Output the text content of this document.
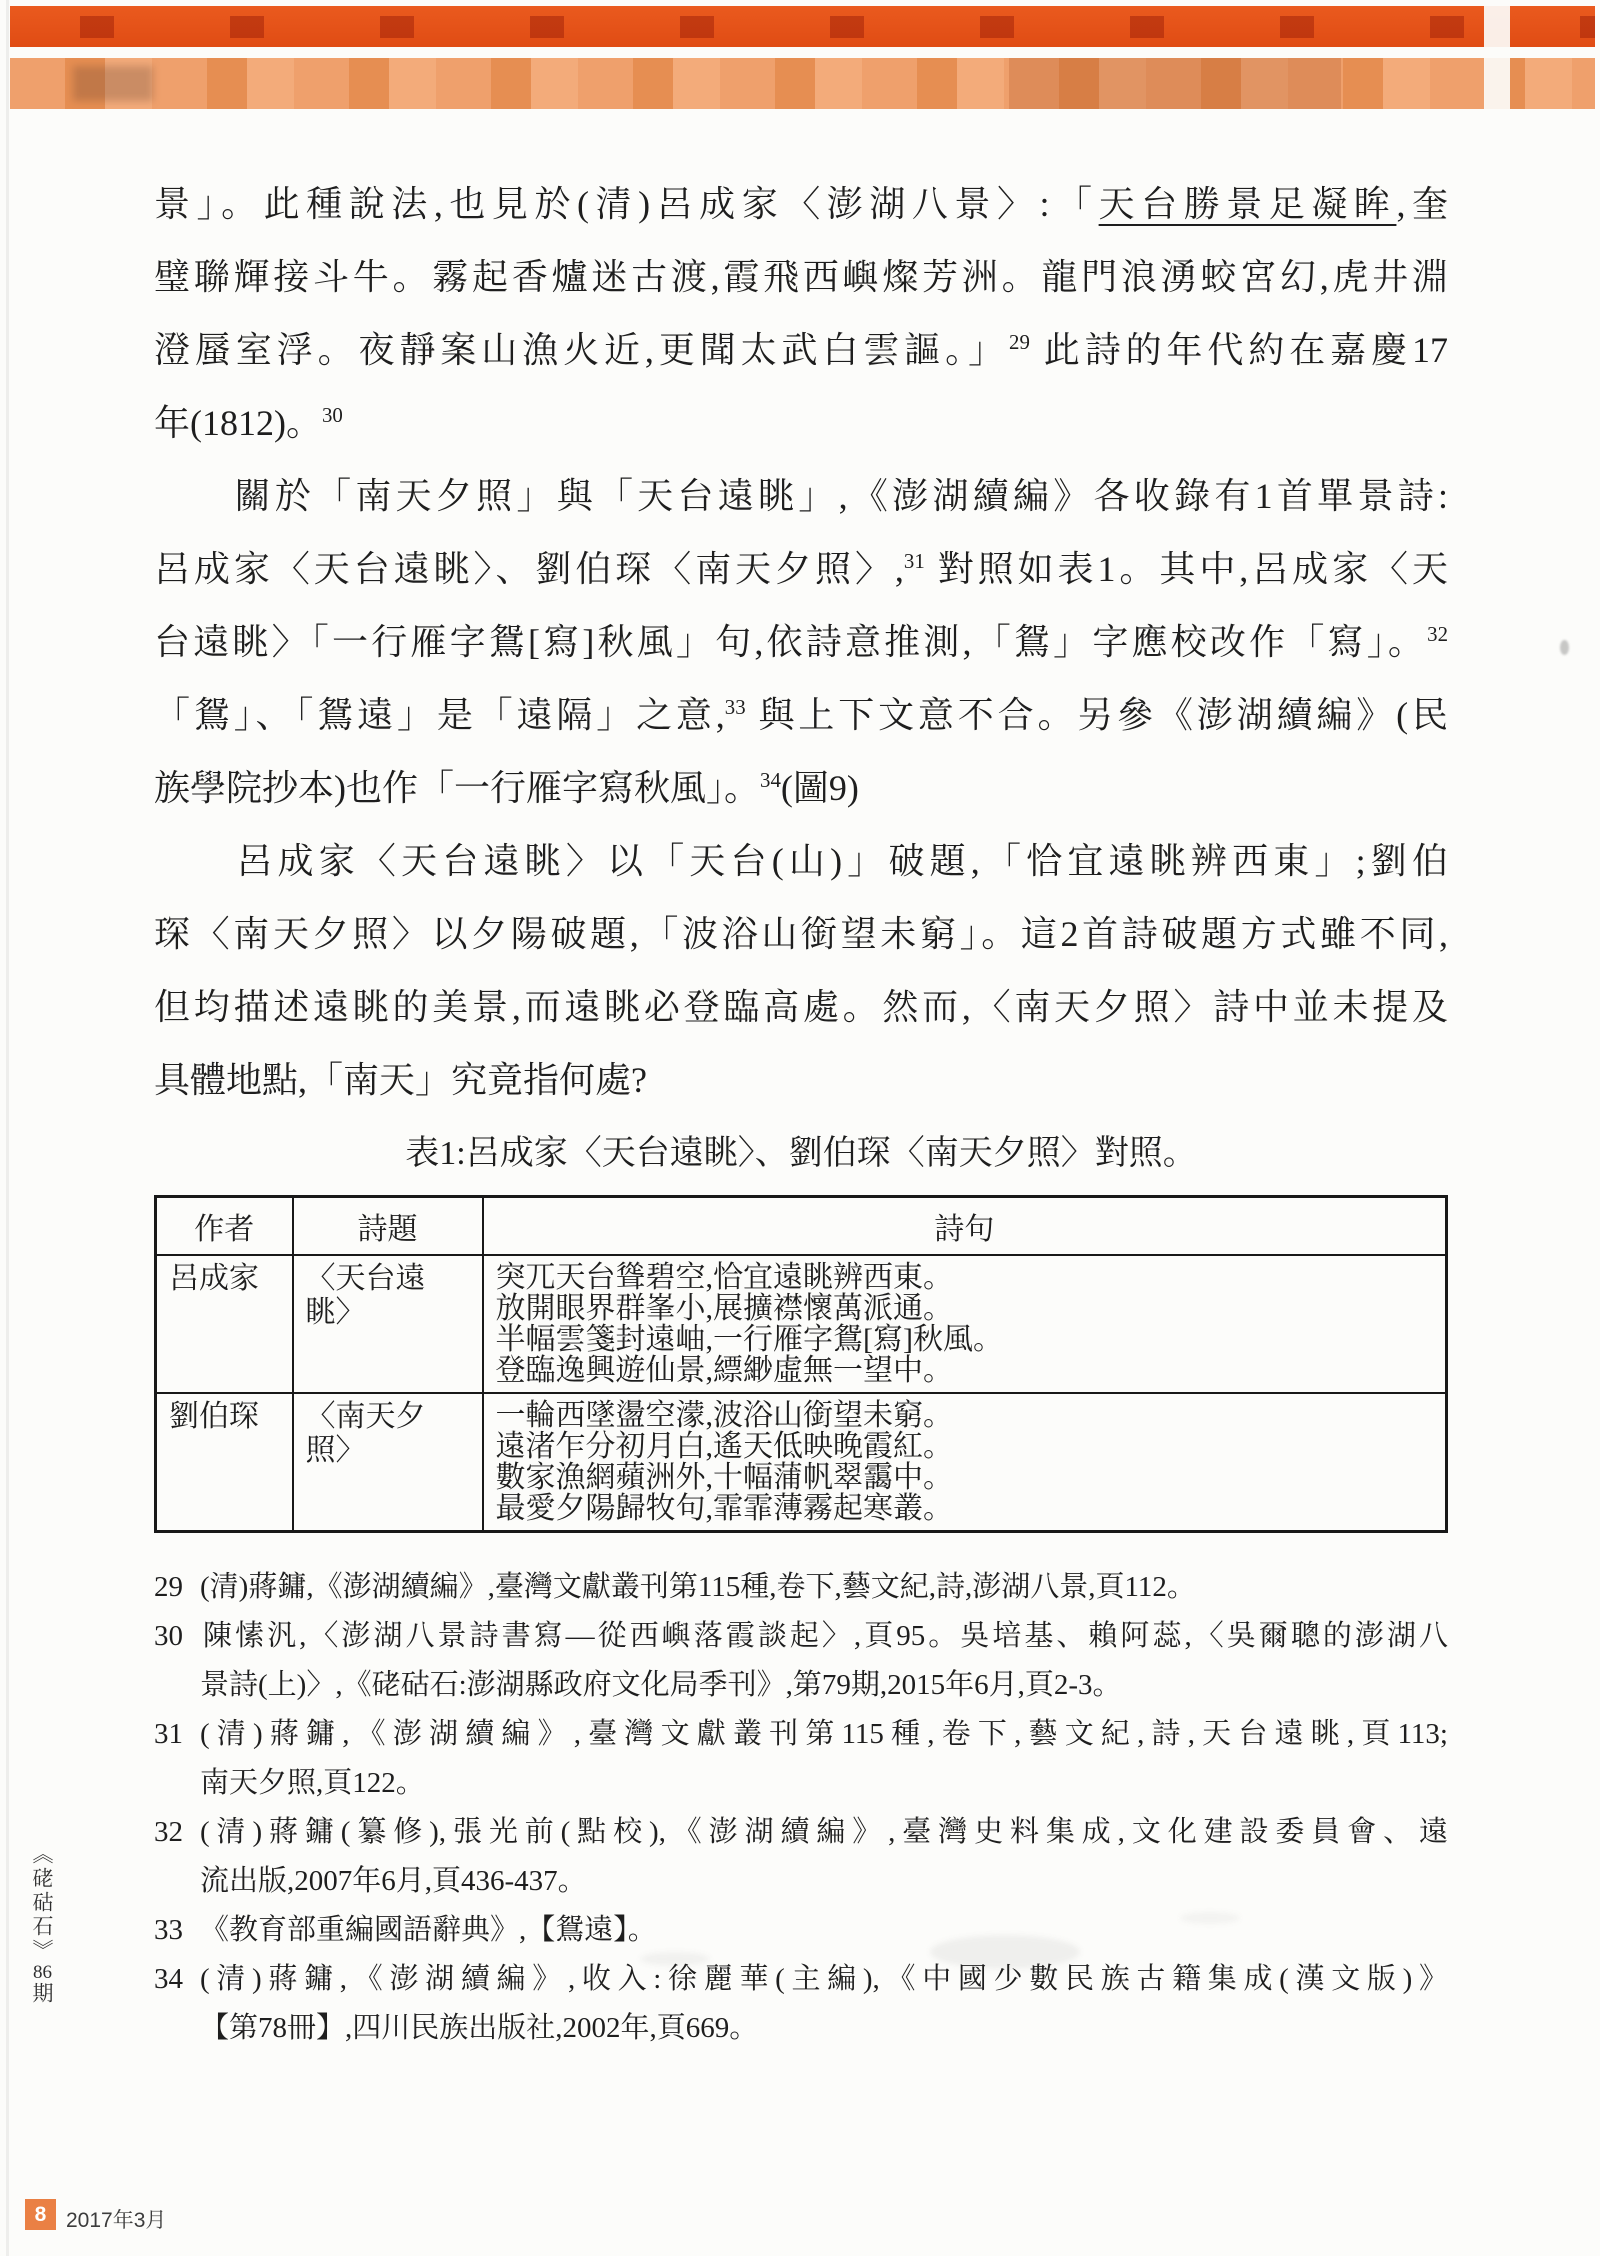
景」。此種說法,也見於(清)呂成家〈澎湖八景〉:「天台勝景足凝眸,奎
璧聯輝接斗牛。霧起香爐迷古渡,霞飛西嶼燦芳洲。龍門浪湧蛟宮幻,虎井淵
澄蜃室浮。夜靜案山漁火近,更聞太武白雲謳。」$^{29}$ 此詩的年代約在嘉慶17
年(1812)。$^{30}$
　　關於「南天夕照」與「天台遠眺」,《澎湖續編》各收錄有1首單景詩:
呂成家〈天台遠眺〉、劉伯琛〈南天夕照〉,$^{31}$ 對照如表1。其中,呂成家〈天
台遠眺〉「一行雁字鴛[寫]秋風」句,依詩意推測,「鴛」字應校改作「寫」。$^{32}$
「鴛」、「鴛遠」是「遠隔」之意,$^{33}$ 與上下文意不合。另參《澎湖續編》(民
族學院抄本)也作「一行雁字寫秋風」。$^{34}$(圖9)
　　呂成家〈天台遠眺〉以「天台(山)」破題,「恰宜遠眺辨西東」;劉伯
琛〈南天夕照〉以夕陽破題,「波浴山銜望未窮」。這2首詩破題方式雖不同,
但均描述遠眺的美景,而遠眺必登臨高處。然而,〈南天夕照〉詩中並未提及
具體地點,「南天」究竟指何處?
表1:呂成家〈天台遠眺〉、劉伯琛〈南天夕照〉對照。
作者	詩題	詩句
呂成家	〈天台遠眺〉	突兀天台聳碧空,恰宜遠眺辨西東。
放開眼界群峯小,展擴襟懷萬派通。
半幅雲箋封遠岫,一行雁字鴛[寫]秋風。
登臨逸興遊仙景,縹緲虛無一望中。

劉伯琛	〈南天夕照〉	一輪西墜盪空濛,波浴山銜望未窮。
遠渚乍分初月白,遙天低映晚霞紅。
數家漁網蘋洲外,十幅蒲帆翠靄中。
最愛夕陽歸牧句,霏霏薄霧起寒叢。
29 (清)蔣鏞,《澎湖續編》,臺灣文獻叢刊第115種,卷下,藝文紀,詩,澎湖八景,頁112。
30 陳愫汎,〈澎湖八景詩書寫—從西嶼落霞談起〉,頁95。吳培基、賴阿蕊,〈吳爾聰的澎湖八
景詩(上)〉,《硓𥑮石:澎湖縣政府文化局季刊》,第79期,2015年6月,頁2-3。
31 (清)蔣鏞,《澎湖續編》,臺灣文獻叢刊第115種,卷下,藝文紀,詩,天台遠眺,頁113;
南天夕照,頁122。
32 (清)蔣鏞(纂修),張光前(點校),《澎湖續編》,臺灣史料集成,文化建設委員會、遠
流出版,2007年6月,頁436-437。
33 《教育部重編國語辭典》,【鴛遠】。
34 (清)蔣鏞,《澎湖續編》,收入:徐麗華(主編),《中國少數民族古籍集成(漢文版)》
【第78冊】,四川民族出版社,2002年,頁669。
《硓𥑮石》86期
8 2017年3月
